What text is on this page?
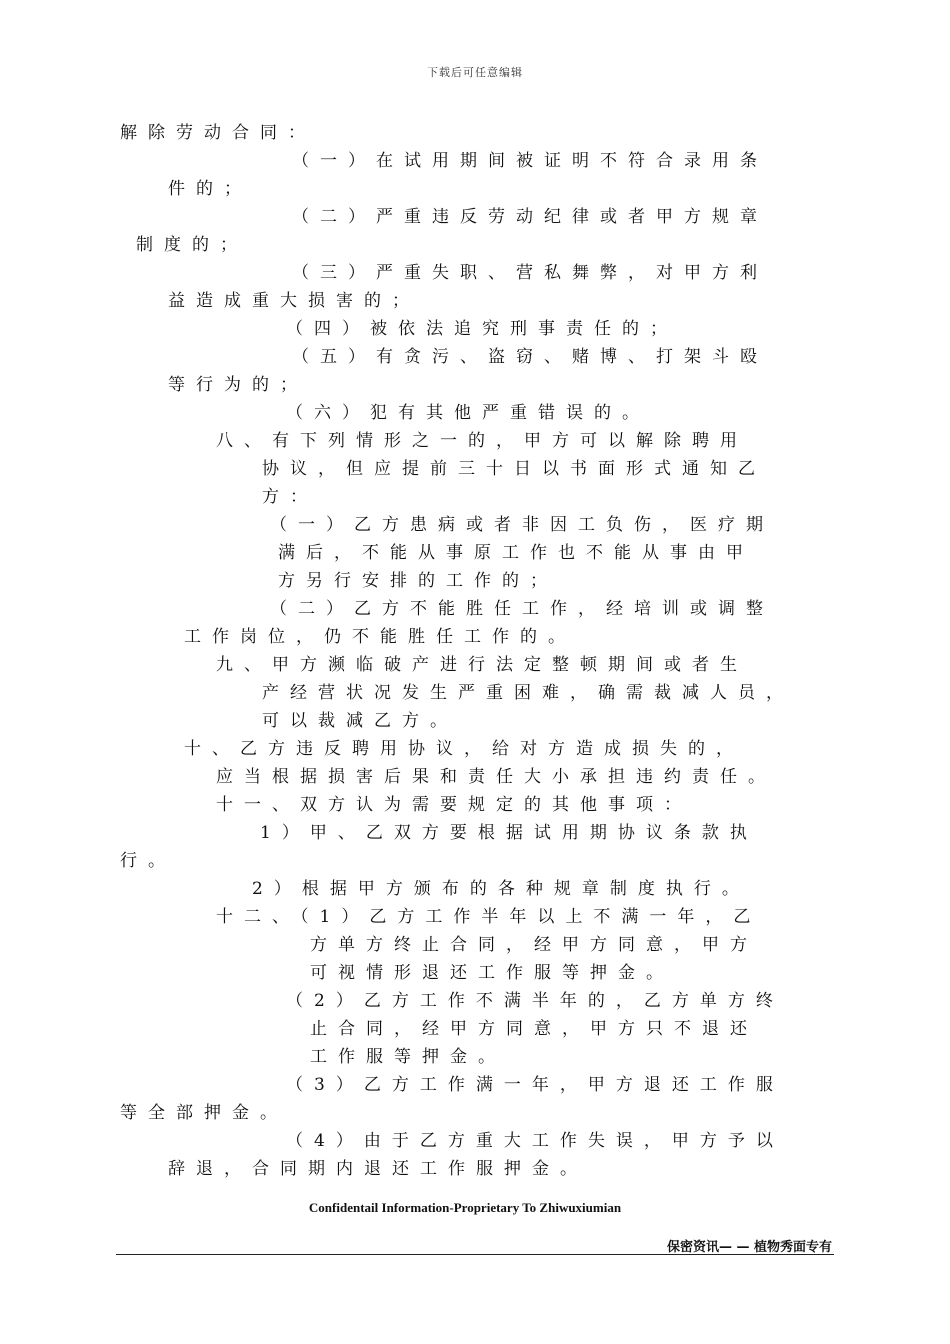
下载后可任意编辑
解除劳动合同：
（一）在试用期间被证明不符合录用条
件的；
（二）严重违反劳动纪律或者甲方规章
制度的；
（三）严重失职、营私舞弊，对甲方利
益造成重大损害的；
（四）被依法追究刑事责任的；
（五）有贪污、盗窃、赌博、打架斗殴
等行为的；
（六）犯有其他严重错误的。
八、有下列情形之一的，甲方可以解除聘用
协议，但应提前三十日以书面形式通知乙
方：
（一）乙方患病或者非因工负伤，医疗期
满后，不能从事原工作也不能从事由甲
方另行安排的工作的；
（二）乙方不能胜任工作，经培训或调整
工作岗位，仍不能胜任工作的。
九、甲方濒临破产进行法定整顿期间或者生
产经营状况发生严重困难，确需裁减人员，
可以裁减乙方。
十、乙方违反聘用协议，给对方造成损失的，
应当根据损害后果和责任大小承担违约责任。
十一、双方认为需要规定的其他事项：
1）甲、乙双方要根据试用期协议条款执
行。
2）根据甲方颁布的各种规章制度执行。
十二、（1）乙方工作半年以上不满一年，乙
方单方终止合同，经甲方同意，甲方
可视情形退还工作服等押金。
（2）乙方工作不满半年的，乙方单方终
止合同，经甲方同意，甲方只不退还
工作服等押金。
（3）乙方工作满一年，甲方退还工作服
等全部押金。
（4）由于乙方重大工作失误，甲方予以
辞退，合同期内退还工作服押金。
Confidentail Information-Proprietary To Zhiwuxiumian
保密资讯— — 植物秀面专有
